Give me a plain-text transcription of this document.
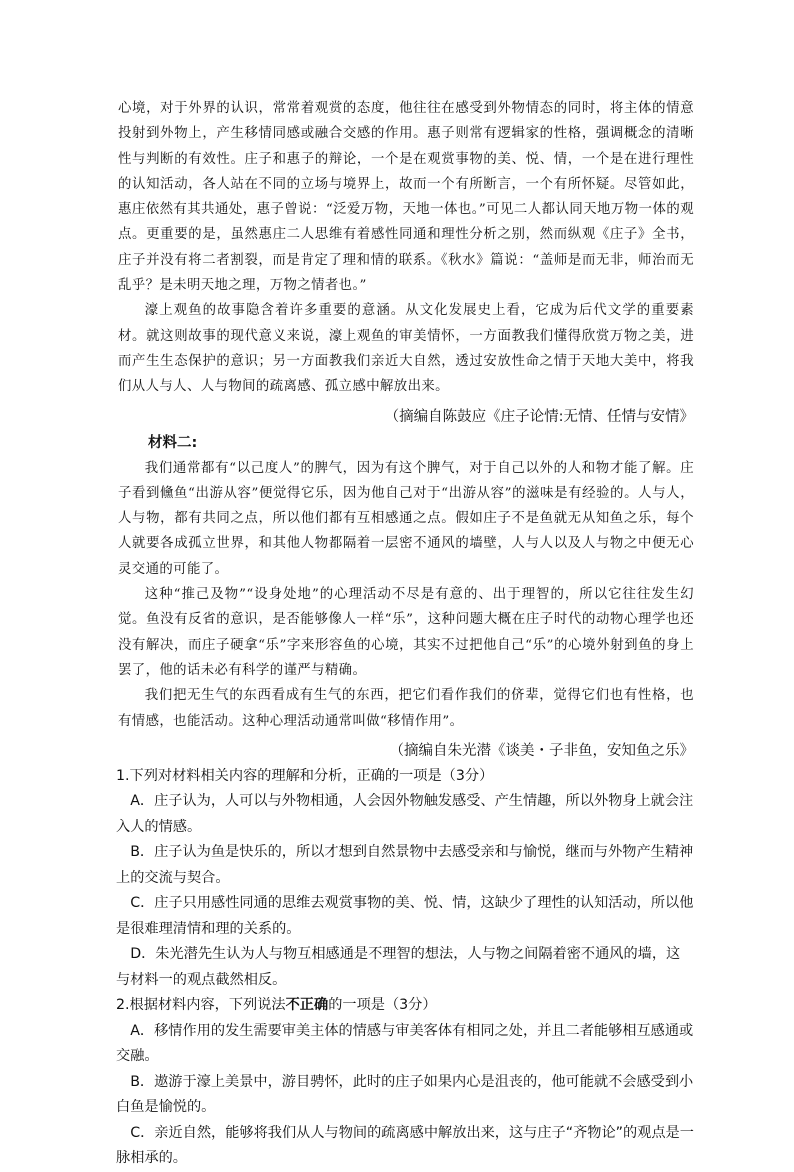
心境，对于外界的认识，常常着观赏的态度，他往往在感受到外物情态的同时，将主体的情意投射到外物上，产生移情同感或融合交感的作用。惠子则常有逻辑家的性格，强调概念的清晰性与判断的有效性。庄子和惠子的辩论，一个是在观赏事物的美、悦、情，一个是在进行理性的认知活动，各人站在不同的立场与境界上，故而一个有所断言，一个有所怀疑。尽管如此，惠庄依然有其共通处，惠子曾说：“泛爱万物，天地一体也。”可见二人都认同天地万物一体的观点。更重要的是，虽然惠庄二人思维有着感性同通和理性分析之别，然而纵观《庄子》全书，庄子并没有将二者割裂，而是肯定了理和情的联系。《秋水》篇说：“盖师是而无非，师治而无乱乎？是未明天地之理，万物之情者也。”

濠上观鱼的故事隐含着许多重要的意涵。从文化发展史上看，它成为后代文学的重要素材。就这则故事的现代意义来说，濠上观鱼的审美情怀，一方面教我们懂得欣赏万物之美，进而产生生态保护的意识；另一方面教我们亲近大自然，透过安放性命之情于天地大美中，将我们从人与人、人与物间的疏离感、孤立感中解放出来。

（摘编自陈鼓应《庄子论情:无情、任情与安情》

材料二:

我们通常都有“以己度人”的脾气，因为有这个脾气，对于自己以外的人和物才能了解。庄子看到儵鱼“出游从容”便觉得它乐，因为他自己对于“出游从容”的滋味是有经验的。人与人，人与物，都有共同之点，所以他们都有互相感通之点。假如庄子不是鱼就无从知鱼之乐，每个人就要各成孤立世界，和其他人物都隔着一层密不通风的墙壁，人与人以及人与物之中便无心灵交通的可能了。

这种“推己及物”“设身处地”的心理活动不尽是有意的、出于理智的，所以它往往发生幻觉。鱼没有反省的意识，是否能够像人一样“乐”，这种问题大概在庄子时代的动物心理学也还没有解决，而庄子硬拿“乐”字来形容鱼的心境，其实不过把他自己“乐”的心境外射到鱼的身上罢了，他的话未必有科学的谨严与精确。

我们把无生气的东西看成有生气的东西，把它们看作我们的侪辈，觉得它们也有性格，也有情感，也能活动。这种心理活动通常叫做“移情作用”。

（摘编自朱光潜《谈美・子非鱼，安知鱼之乐》

1.下列对材料相关内容的理解和分析，正确的一项是（3分）

A．庄子认为，人可以与外物相通，人会因外物触发感受、产生情趣，所以外物身上就会注入人的情感。

B．庄子认为鱼是快乐的，所以才想到自然景物中去感受亲和与愉悦，继而与外物产生精神上的交流与契合。

C．庄子只用感性同通的思维去观赏事物的美、悦、情，这缺少了理性的认知活动，所以他是很难理清情和理的关系的。

D．朱光潜先生认为人与物互相感通是不理智的想法，人与物之间隔着密不通风的墙，这与材料一的观点截然相反。

2.根据材料内容，下列说法不正确的一项是（3分）

A．移情作用的发生需要审美主体的情感与审美客体有相同之处，并且二者能够相互感通或交融。

B．遨游于濠上美景中，游目骋怀，此时的庄子如果内心是沮丧的，他可能就不会感受到小白鱼是愉悦的。

C．亲近自然，能够将我们从人与物间的疏离感中解放出来，这与庄子“齐物论”的观点是一脉相承的。
